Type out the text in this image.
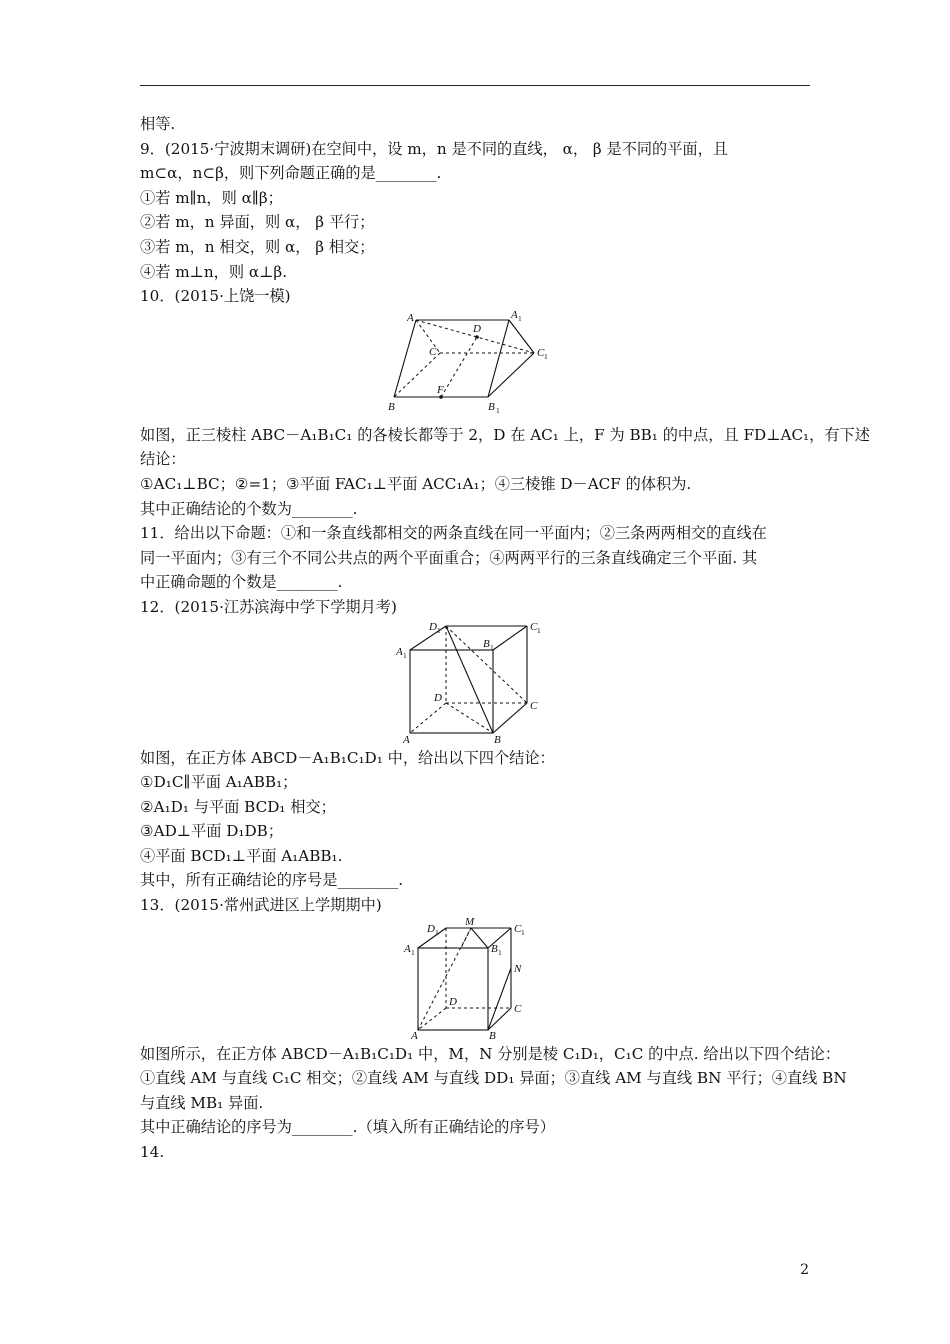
相等.
9．(2015·宁波期末调研)在空间中，设 m，n 是不同的直线， α， β 是不同的平面，且
m⊂α，n⊂β，则下列命题正确的是________.
①若 m∥n，则 α∥β；
②若 m，n 异面，则 α， β 平行；
③若 m，n 相交，则 α， β 相交；
④若 m⊥n，则 α⊥β.
10．(2015·上饶一模)
A	A 1
D
C	C 1
B
F
B 1
如图，正三棱柱 ABC－A₁B₁C₁ 的各棱长都等于 2，D 在 AC₁ 上，F 为 BB₁ 的中点，且 FD⊥AC₁，有下述
结论：
①AC₁⊥BC；②=1；③平面 FAC₁⊥平面 ACC₁A₁；④三棱锥 D－ACF 的体积为.
其中正确结论的个数为________.
11．给出以下命题：①和一条直线都相交的两条直线在同一平面内；②三条两两相交的直线在
同一平面内；③有三个不同公共点的两个平面重合；④两两平行的三条直线确定三个平面. 其
中正确命题的个数是________.
12．(2015·江苏滨海中学下学期月考)
D 1	C 1
A 1
B 1
D
C
A	B
如图，在正方体 ABCD－A₁B₁C₁D₁ 中，给出以下四个结论：
①D₁C∥平面 A₁ABB₁；
②A₁D₁ 与平面 BCD₁ 相交；
③AD⊥平面 D₁DB；
④平面 BCD₁⊥平面 A₁ABB₁.
其中，所有正确结论的序号是________.
13．(2015·常州武进区上学期期中)
D 1
M
C 1
A 1	B 1
N
D
C
A	B
如图所示，在正方体 ABCD－A₁B₁C₁D₁ 中，M，N 分别是棱 C₁D₁，C₁C 的中点. 给出以下四个结论：
①直线 AM 与直线 C₁C 相交；②直线 AM 与直线 DD₁ 异面；③直线 AM 与直线 BN 平行；④直线 BN
与直线 MB₁ 异面.
其中正确结论的序号为________.（填入所有正确结论的序号）
14.
2
